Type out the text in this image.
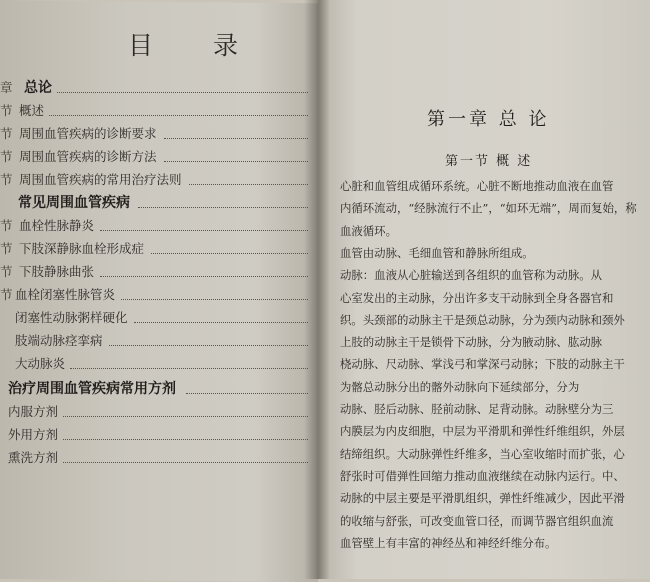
目 录
章 总论
节 概述
节 周围血管疾病的诊断要求
节 周围血管疾病的诊断方法
节 周围血管疾病的常用治疗法则
常见周围血管疾病
节 血栓性脉静炎
节 下肢深静脉血栓形成症
节 下肢静脉曲张
节 血栓闭塞性脉管炎
闭塞性动脉粥样硬化
肢端动脉痉挛病
大动脉炎
治疗周围血管疾病常用方剂
内服方剂
外用方剂
熏洗方剂
第一章 总 论
第一节 概 述
心脏和血管组成循环系统。心脏不断地推动血液在血管
内循环流动，“经脉流行不止”，“如环无端”，周而复始，称
血液循环。
血管由动脉、毛细血管和静脉所组成。
动脉：血液从心脏输送到各组织的血管称为动脉。从
心室发出的主动脉，分出许多支干动脉到全身各器官和
织。头颈部的动脉主干是颈总动脉，分为颈内动脉和颈外
上肢的动脉主干是锁骨下动脉，分为腋动脉、肱动脉
桡动脉、尺动脉、掌浅弓和掌深弓动脉；下肢的动脉主干
为髂总动脉分出的髂外动脉向下延续部分，分为
动脉、胫后动脉、胫前动脉、足背动脉。动脉壁分为三
内膜层为内皮细胞，中层为平滑肌和弹性纤维组织，外层
结缔组织。大动脉弹性纤维多，当心室收缩时而扩张，心
舒张时可借弹性回缩力推动血液继续在动脉内运行。中、
动脉的中层主要是平滑肌组织，弹性纤维减少，因此平滑
的收缩与舒张，可改变血管口径，而调节器官组织血流
血管壁上有丰富的神经丛和神经纤维分布。
